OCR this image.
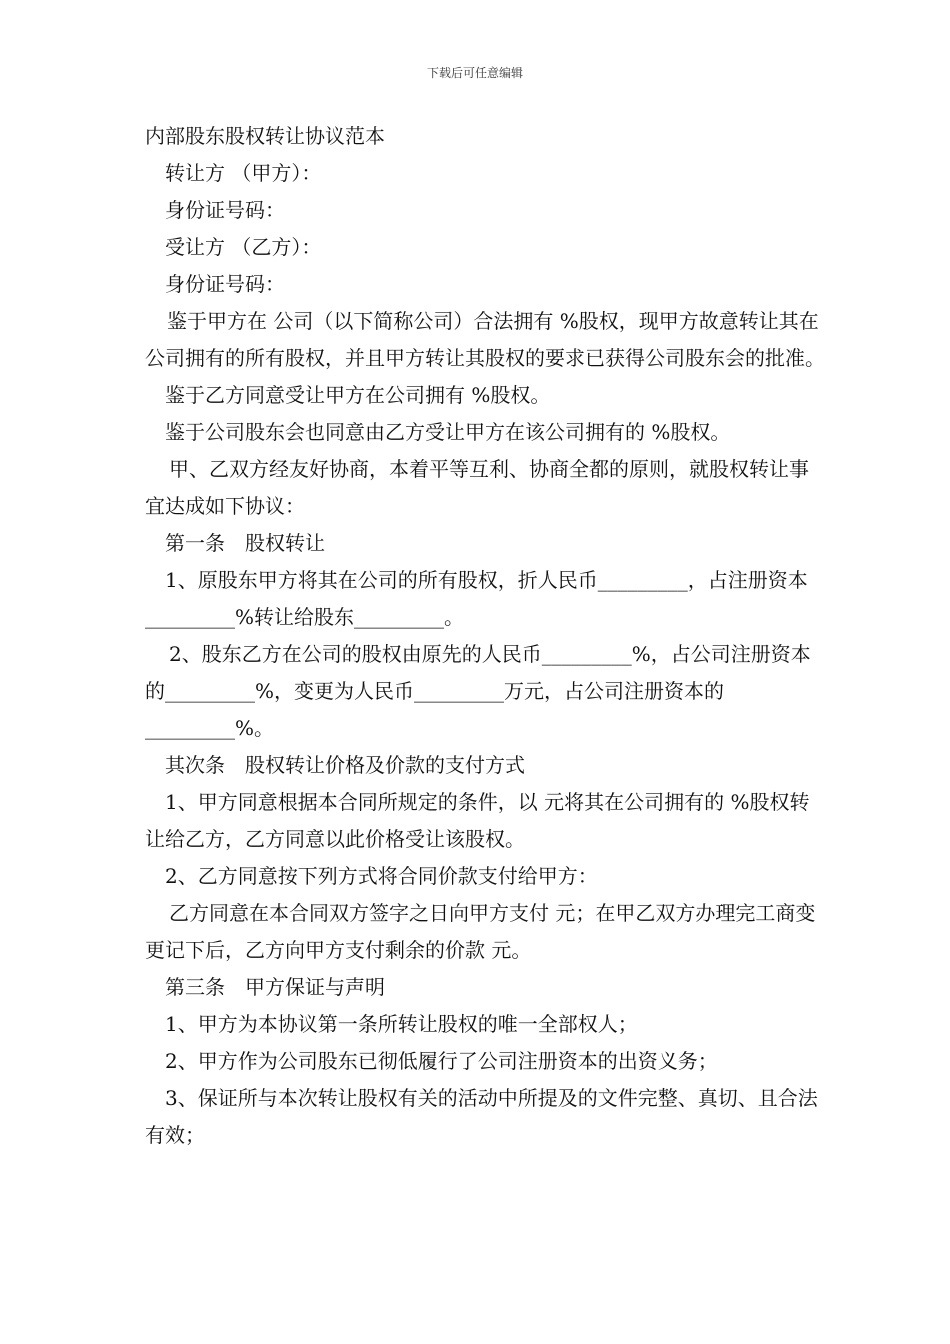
下载后可任意编辑

内部股东股权转让协议范本

转让方 （甲方）：

身份证号码：

受让方 （乙方）：

身份证号码：

鉴于甲方在 公司（以下简称公司）合法拥有 %股权，现甲方故意转让其在公司拥有的所有股权，并且甲方转让其股权的要求已获得公司股东会的批准。

鉴于乙方同意受让甲方在公司拥有 %股权。

鉴于公司股东会也同意由乙方受让甲方在该公司拥有的 %股权。

甲、乙双方经友好协商，本着平等互利、协商全都的原则，就股权转让事宜达成如下协议：

第一条　股权转让

1、原股东甲方将其在公司的所有股权，折人民币_________，占注册资本_________%转让给股东_________。

2、股东乙方在公司的股权由原先的人民币_________%，占公司注册资本的_________%，变更为人民币_________万元，占公司注册资本的_________%。

其次条　股权转让价格及价款的支付方式

1、甲方同意根据本合同所规定的条件，以 元将其在公司拥有的 %股权转让给乙方，乙方同意以此价格受让该股权。

2、乙方同意按下列方式将合同价款支付给甲方：

乙方同意在本合同双方签字之日向甲方支付 元；在甲乙双方办理完工商变更记下后，乙方向甲方支付剩余的价款 元。

第三条　甲方保证与声明

1、甲方为本协议第一条所转让股权的唯一全部权人；

2、甲方作为公司股东已彻低履行了公司注册资本的出资义务；

3、保证所与本次转让股权有关的活动中所提及的文件完整、真切、且合法有效；
